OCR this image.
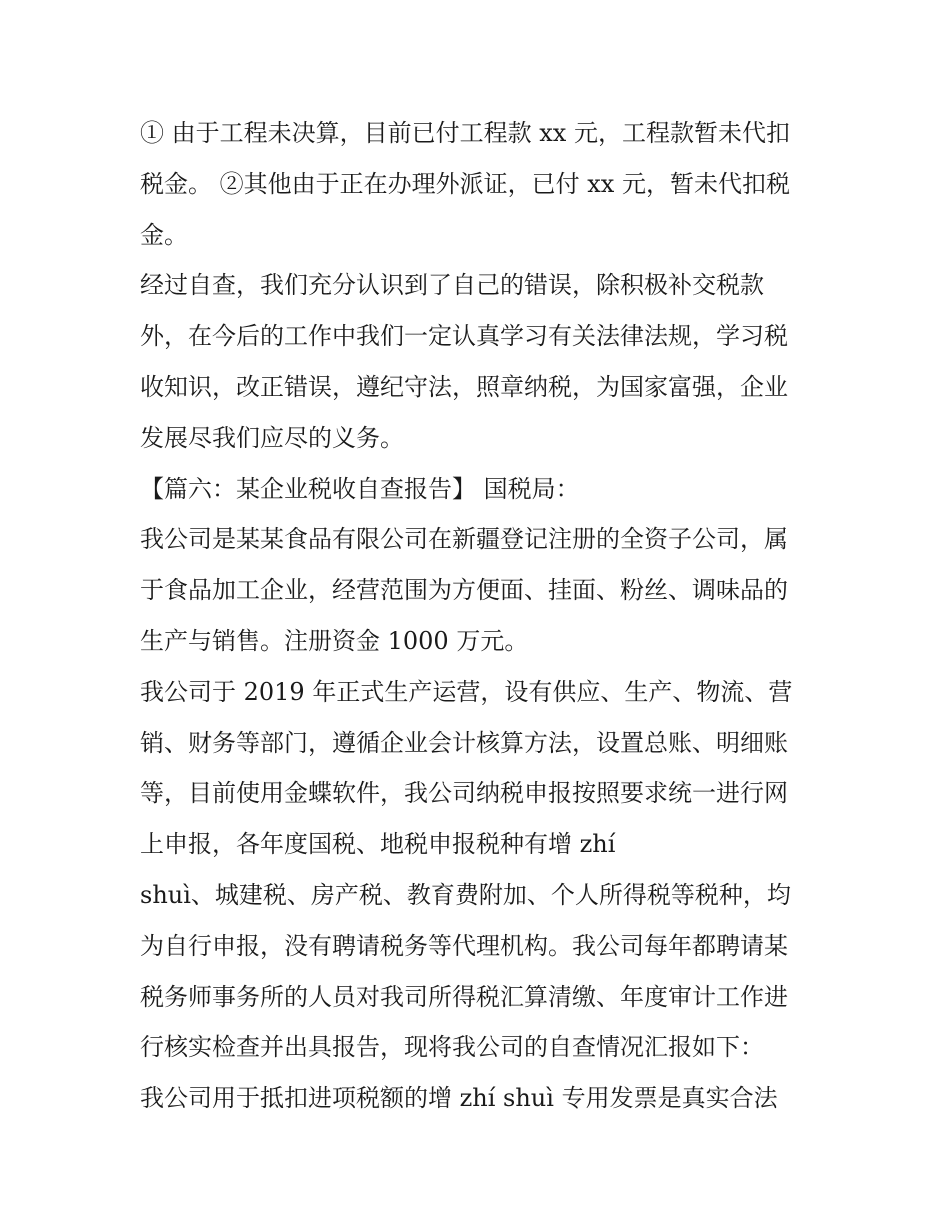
① 由于工程未决算，目前已付工程款 xx 元，工程款暂未代扣
税金。 ②其他由于正在办理外派证，已付 xx 元，暂未代扣税
金。
经过自查，我们充分认识到了自己的错误，除积极补交税款
外，在今后的工作中我们一定认真学习有关法律法规，学习税
收知识，改正错误，遵纪守法，照章纳税，为国家富强，企业
发展尽我们应尽的义务。
【篇六：某企业税收自查报告】 国税局：
我公司是某某食品有限公司在新疆登记注册的全资子公司，属
于食品加工企业，经营范围为方便面、挂面、粉丝、调味品的
生产与销售。注册资金 1000 万元。
我公司于 2019 年正式生产运营，设有供应、生产、物流、营
销、财务等部门，遵循企业会计核算方法，设置总账、明细账
等，目前使用金蝶软件，我公司纳税申报按照要求统一进行网
上申报，各年度国税、地税申报税种有增 zhí
shuì、城建税、房产税、教育费附加、个人所得税等税种，均
为自行申报，没有聘请税务等代理机构。我公司每年都聘请某
税务师事务所的人员对我司所得税汇算清缴、年度审计工作进
行核实检查并出具报告，现将我公司的自查情况汇报如下：
我公司用于抵扣进项税额的增 zhí shuì 专用发票是真实合法
